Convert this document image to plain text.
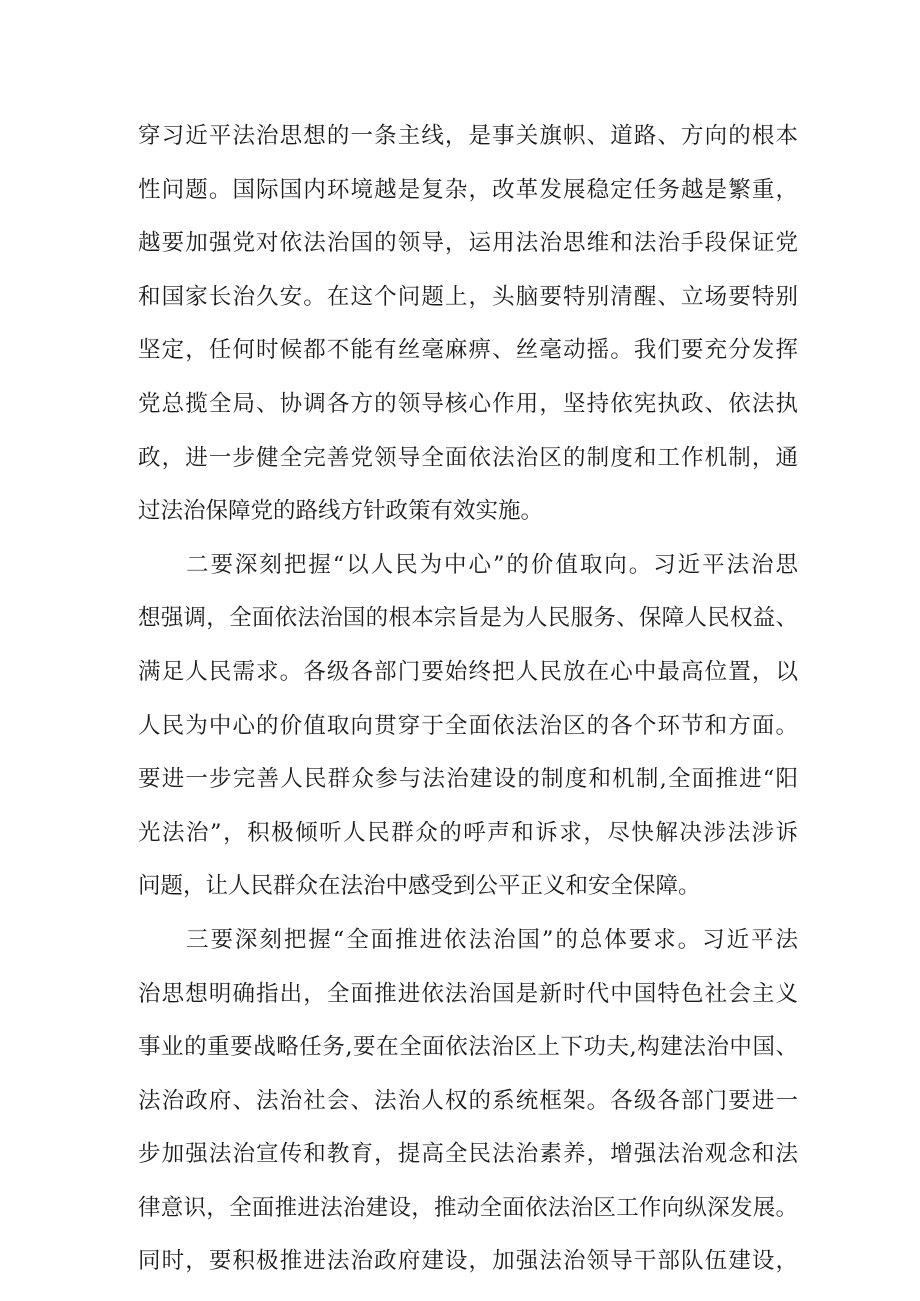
穿习近平法治思想的一条主线，是事关旗帜、道路、方向的根本
性问题。国际国内环境越是复杂，改革发展稳定任务越是繁重，
越要加强党对依法治国的领导，运用法治思维和法治手段保证党
和国家长治久安。在这个问题上，头脑要特别清醒、立场要特别
坚定，任何时候都不能有丝毫麻痹、丝毫动摇。我们要充分发挥
党总揽全局、协调各方的领导核心作用，坚持依宪执政、依法执
政，进一步健全完善党领导全面依法治区的制度和工作机制，通
过法治保障党的路线方针政策有效实施。
二要深刻把握“以人民为中心”的价值取向。习近平法治思
想强调，全面依法治国的根本宗旨是为人民服务、保障人民权益、
满足人民需求。各级各部门要始终把人民放在心中最高位置，以
人民为中心的价值取向贯穿于全面依法治区的各个环节和方面。
要进一步完善人民群众参与法治建设的制度和机制,全面推进“阳
光法治”，积极倾听人民群众的呼声和诉求，尽快解决涉法涉诉
问题，让人民群众在法治中感受到公平正义和安全保障。
三要深刻把握“全面推进依法治国”的总体要求。习近平法
治思想明确指出，全面推进依法治国是新时代中国特色社会主义
事业的重要战略任务,要在全面依法治区上下功夫,构建法治中国、
法治政府、法治社会、法治人权的系统框架。各级各部门要进一
步加强法治宣传和教育，提高全民法治素养，增强法治观念和法
律意识，全面推进法治建设，推动全面依法治区工作向纵深发展。
同时，要积极推进法治政府建设，加强法治领导干部队伍建设，
